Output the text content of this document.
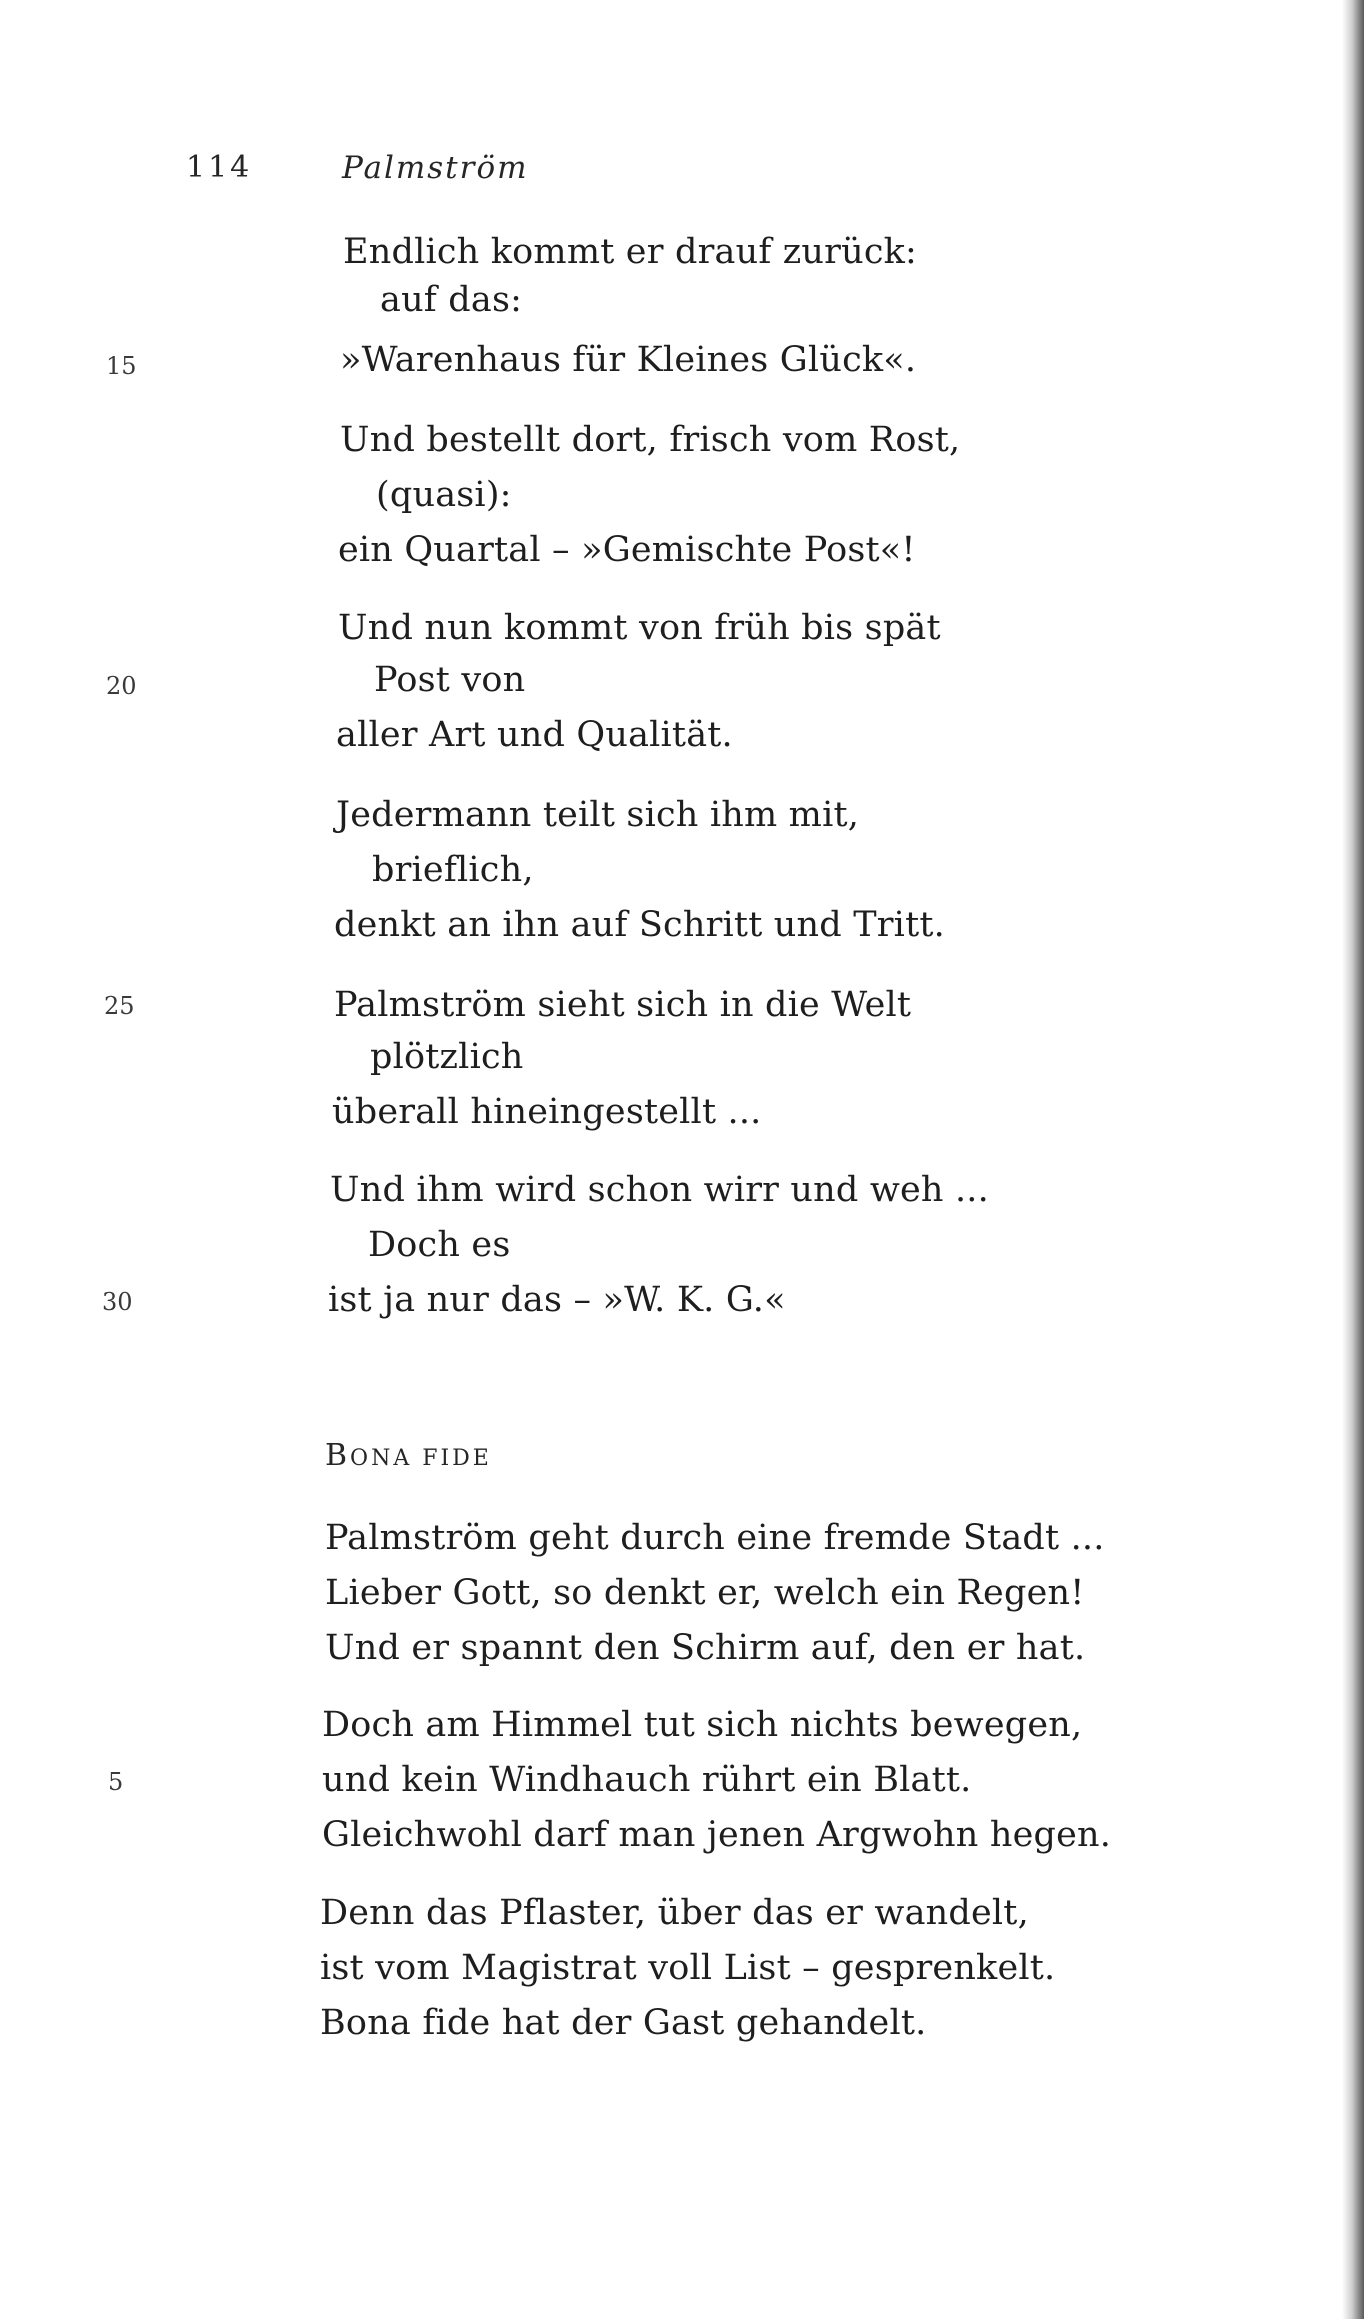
114	Palmström
Endlich kommt er drauf zurück:
auf das:
»Warenhaus für Kleines Glück«.
Und bestellt dort, frisch vom Rost,
(quasi):
ein Quartal – »Gemischte Post«!
Und nun kommt von früh bis spät
Post von
aller Art und Qualität.
Jedermann teilt sich ihm mit,
brieflich,
denkt an ihn auf Schritt und Tritt.
Palmström sieht sich in die Welt
plötzlich
überall hineingestellt ...
Und ihm wird schon wirr und weh ...
Doch es
ist ja nur das – »W. K. G.«
15
20
25
30
BONA FIDE
Palmström geht durch eine fremde Stadt ...
Lieber Gott, so denkt er, welch ein Regen!
Und er spannt den Schirm auf, den er hat.
Doch am Himmel tut sich nichts bewegen,
und kein Windhauch rührt ein Blatt.
Gleichwohl darf man jenen Argwohn hegen.
Denn das Pflaster, über das er wandelt,
ist vom Magistrat voll List – gesprenkelt.
Bona fide hat der Gast gehandelt.
5
